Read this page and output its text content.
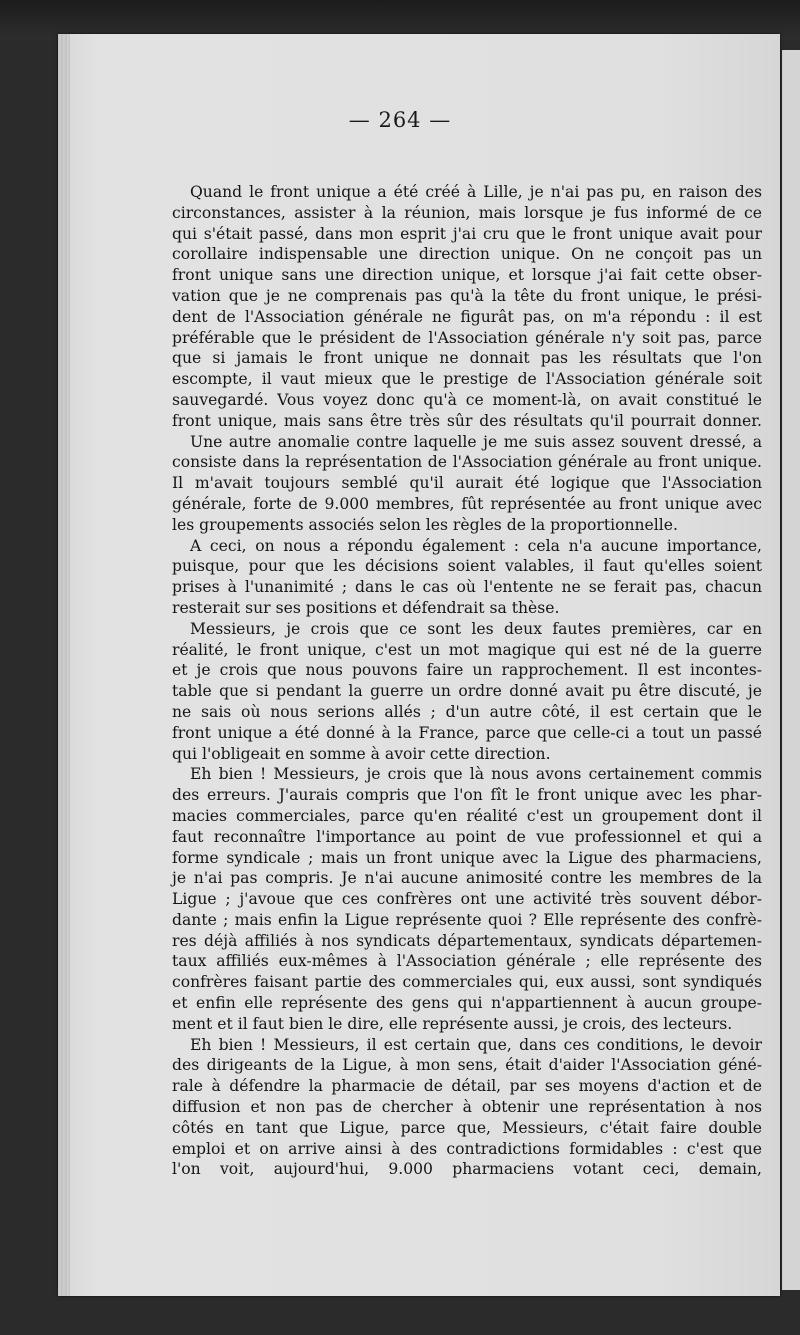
— 264 —
Quand le front unique a été créé à Lille, je n'ai pas pu, en raison des
circonstances, assister à la réunion, mais lorsque je fus informé de ce
qui s'était passé, dans mon esprit j'ai cru que le front unique avait pour
corollaire indispensable une direction unique. On ne conçoit pas un
front unique sans une direction unique, et lorsque j'ai fait cette obser-
vation que je ne comprenais pas qu'à la tête du front unique, le prési-
dent de l'Association générale ne figurât pas, on m'a répondu : il est
préférable que le président de l'Association générale n'y soit pas, parce
que si jamais le front unique ne donnait pas les résultats que l'on
escompte, il vaut mieux que le prestige de l'Association générale soit
sauvegardé. Vous voyez donc qu'à ce moment-là, on avait constitué le
front unique, mais sans être très sûr des résultats qu'il pourrait donner.
Une autre anomalie contre laquelle je me suis assez souvent dressé, a
consiste dans la représentation de l'Association générale au front unique.
Il m'avait toujours semblé qu'il aurait été logique que l'Association
générale, forte de 9.000 membres, fût représentée au front unique avec
les groupements associés selon les règles de la proportionnelle.
A ceci, on nous a répondu également : cela n'a aucune importance,
puisque, pour que les décisions soient valables, il faut qu'elles soient
prises à l'unanimité ; dans le cas où l'entente ne se ferait pas, chacun
resterait sur ses positions et défendrait sa thèse.
Messieurs, je crois que ce sont les deux fautes premières, car en
réalité, le front unique, c'est un mot magique qui est né de la guerre
et je crois que nous pouvons faire un rapprochement. Il est incontes-
table que si pendant la guerre un ordre donné avait pu être discuté, je
ne sais où nous serions allés ; d'un autre côté, il est certain que le
front unique a été donné à la France, parce que celle-ci a tout un passé
qui l'obligeait en somme à avoir cette direction.
Eh bien ! Messieurs, je crois que là nous avons certainement commis
des erreurs. J'aurais compris que l'on fît le front unique avec les phar-
macies commerciales, parce qu'en réalité c'est un groupement dont il
faut reconnaître l'importance au point de vue professionnel et qui a
forme syndicale ; mais un front unique avec la Ligue des pharmaciens,
je n'ai pas compris. Je n'ai aucune animosité contre les membres de la
Ligue ; j'avoue que ces confrères ont une activité très souvent débor-
dante ; mais enfin la Ligue représente quoi ? Elle représente des confrè-
res déjà affiliés à nos syndicats départementaux, syndicats départemen-
taux affiliés eux-mêmes à l'Association générale ; elle représente des
confrères faisant partie des commerciales qui, eux aussi, sont syndiqués
et enfin elle représente des gens qui n'appartiennent à aucun groupe-
ment et il faut bien le dire, elle représente aussi, je crois, des lecteurs.
Eh bien ! Messieurs, il est certain que, dans ces conditions, le devoir
des dirigeants de la Ligue, à mon sens, était d'aider l'Association géné-
rale à défendre la pharmacie de détail, par ses moyens d'action et de
diffusion et non pas de chercher à obtenir une représentation à nos
côtés en tant que Ligue, parce que, Messieurs, c'était faire double
emploi et on arrive ainsi à des contradictions formidables : c'est que
l'on voit, aujourd'hui, 9.000 pharmaciens votant ceci, demain,
